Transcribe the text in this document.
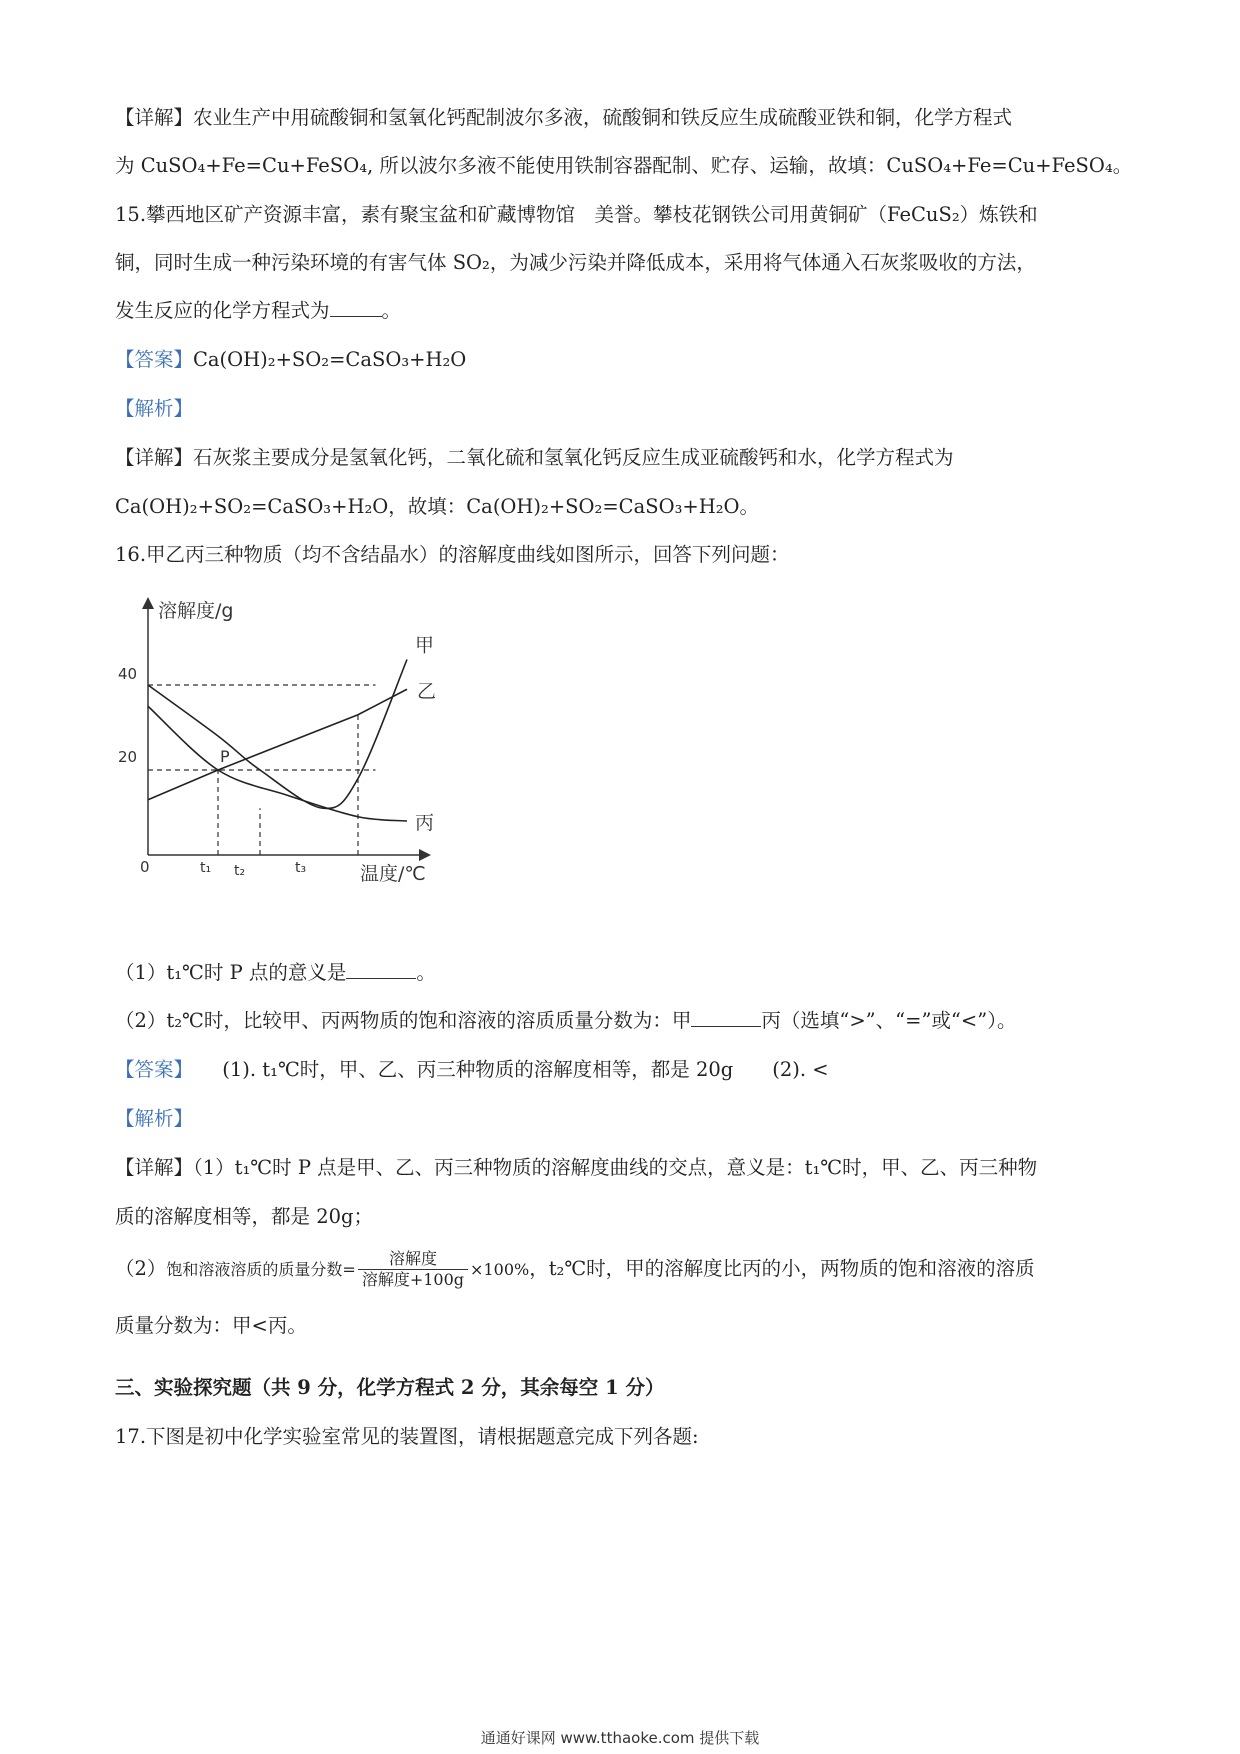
【详解】农业生产中用硫酸铜和氢氧化钙配制波尔多液，硫酸铜和铁反应生成硫酸亚铁和铜，化学方程式
为 CuSO₄+Fe=Cu+FeSO₄, 所以波尔多液不能使用铁制容器配制、贮存、运输，故填：CuSO₄+Fe=Cu+FeSO₄。
15.攀西地区矿产资源丰富，素有聚宝盆和矿藏博物馆　美誉。攀枝花钢铁公司用黄铜矿（FeCuS₂）炼铁和
铜，同时生成一种污染环境的有害气体 SO₂，为减少污染并降低成本，采用将气体通入石灰浆吸收的方法，
发生反应的化学方程式为	。
【答案】Ca(OH)₂+SO₂=CaSO₃+H₂O
【解析】
【详解】石灰浆主要成分是氢氧化钙，二氧化硫和氢氧化钙反应生成亚硫酸钙和水，化学方程式为
Ca(OH)₂+SO₂=CaSO₃+H₂O，故填：Ca(OH)₂+SO₂=CaSO₃+H₂O。
16.甲乙丙三种物质（均不含结晶水）的溶解度曲线如图所示，回答下列问题：
溶解度/g
温度/℃
0
20
40
t₁ t₂	t₃
P
甲
乙
丙
（1）t₁℃时 P 点的意义是	。
（2）t₂℃时，比较甲、丙两物质的饱和溶液的溶质质量分数为：甲	丙（选填“>”、“=”或“<”）。
【答案】　　 (1). t₁℃时，甲、乙、丙三种物质的溶解度相等，都是 20g　　(2). <
【解析】
【详解】（1）t₁℃时 P 点是甲、乙、丙三种物质的溶解度曲线的交点，意义是：t₁℃时，甲、乙、丙三种物
质的溶解度相等，都是 20g；
（2）饱和溶液溶质的质量分数= $\frac{\text{溶解度}}{\text{溶解度+100g}} \times 100\%$，t₂℃时，甲的溶解度比丙的小，两物质的饱和溶液的溶质
质量分数为：甲<丙。
三、实验探究题（共 9 分，化学方程式 2 分，其余每空 1 分）
17.下图是初中化学实验室常见的装置图，请根据题意完成下列各题:
通通好课网 www.tthaoke.com 提供下载
